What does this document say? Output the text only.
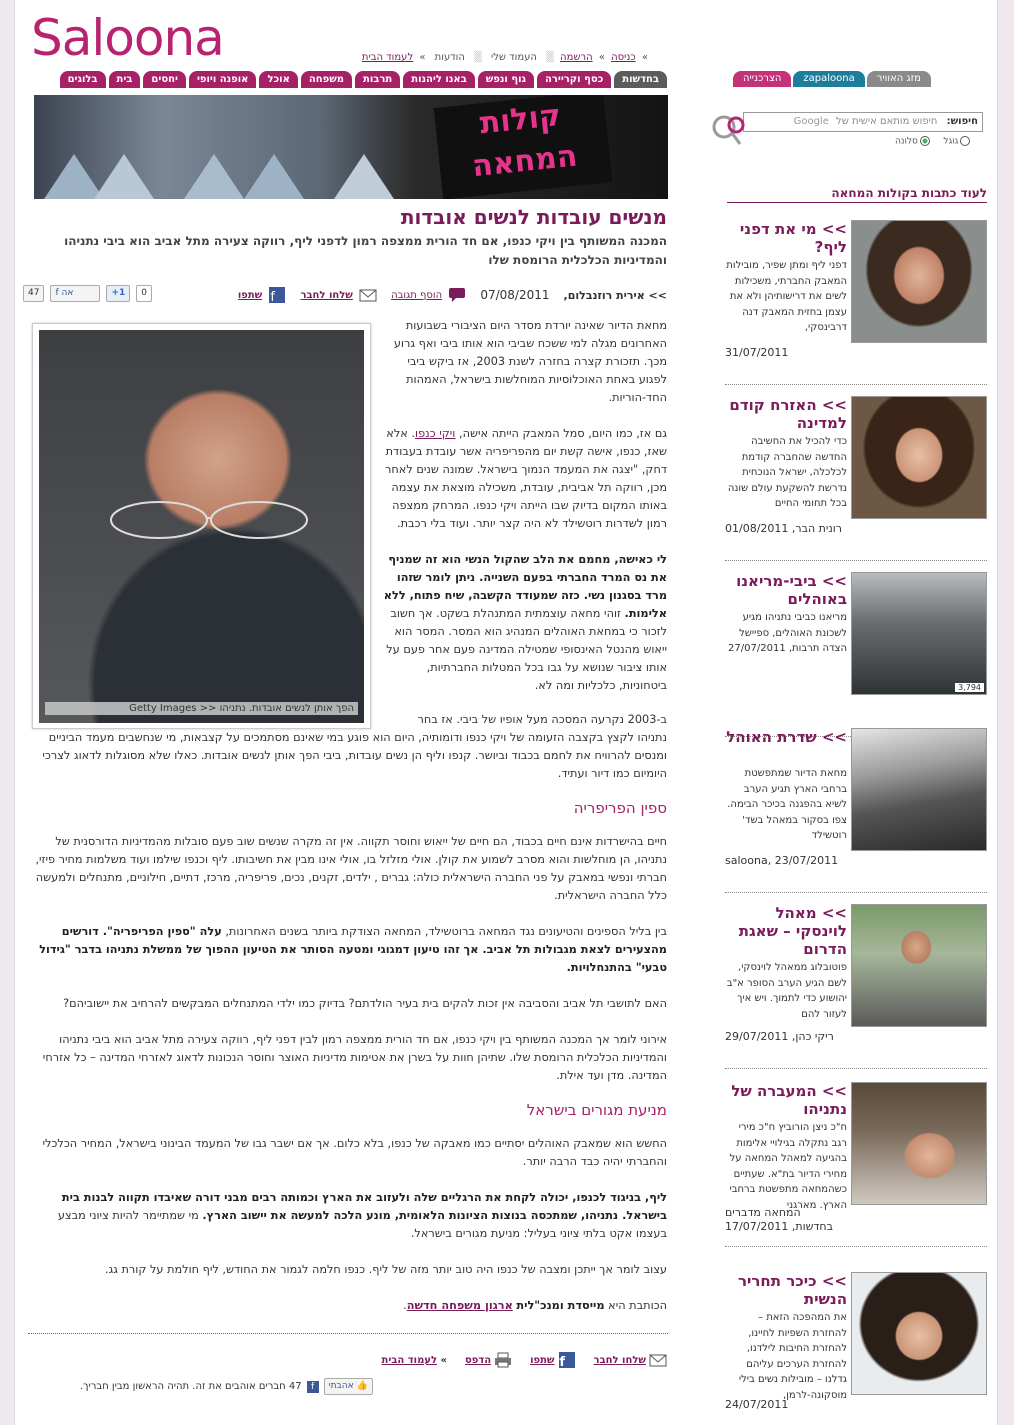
Saloona	» כניסה » הרשמה ▒ העמוד שלי ▒ הודעות » לעמוד הבית
בחדשות
כסף וקריירה
גוף ונפש
באנו ליהנות
תרבות
משפחה
אוכל
אופנה ויופי
יחסים
בית
בלוגים	מזג האוויר
zapaloona
הצרכנייה
קולות המחאה
חיפוש: חיפוש מותאם אישית של Google
גוגל    סלונה
מנשים עובדות לנשים אובדות
המכנה המשותף בין ויקי כנפו, אם חד הורית ממצפה רמון לדפני ליף, רווקה צעירה מתל אביב הוא ביבי נתניהו והמדיניות הכלכלית הרומסת שלו
>> אירית רוזנבלום,
07/08/2011
הוסף תגובה
שלחו לחבר
f
שתפו
47	f אה	+1	0
הפך אותן לנשים אובדות. נתניהו << Getty Images

מחאת הדיור שאינה יורדת מסדר היום הציבורי בשבועות האחרונים מגלה למי ששכח שביבי הוא אותו ביבי ואף גרוע מכך. תזכורת קצרה בחזרה לשנת 2003, אז ביקש ביבי לפגוע באחת האוכלוסיות המוחלשות בישראל, האמהות החד-הוריות.

גם אז, כמו היום, סמל המאבק הייתה אישה, ויקי כנפו. אלא שאז, כנפו, אישה קשת יום מהפריפריה אשר עובדת בעבודת דחק, "יצגה את המעמד הנמוך בישראל. שמונה שנים לאחר מכן, רווקה תל אביבית, עובדת, משכילה מוצאת את עצמה באותו המקום בדיוק שבו הייתה ויקי כנפו. המרחק ממצפה רמון לשדרות רוטשילד לא היה קצר יותר. ועוד בלי רכבת.

לי כאישה, מחמם את הלב שהקול הנשי הוא זה שמניף את נס המרד החברתי בפעם השנייה. ניתן לומר שזהו מרד בסגנון נשי. כזה שמעודד הקשבה, שיח פתוח, ללא אלימות. זוהי מחאה עוצמתית המתנהלת בשקט. אך חשוב לזכור כי במחאת האוהלים המנהיג הוא המסר. המסר הוא ייאוש מהנטל האינסופי שמטילה המדינה פעם אחר פעם על אותו ציבור שנושא על גבו בכל המטלות החברתיות, ביטחוניות, כלכליות ומה לא.

ב-2003 נקרעה המסכה מעל אופיו של ביבי. אז בחר
נתניהו לקצץ בקצבה הזעומה של ויקי כנפו ודומותיה, היום הוא פוגע במי שאינם מסתמכים על קצבאות, מי שנחשבים מעמד הביניים ומנסים להרוויח את לחמם בכבוד וביושר. קנפו וליף הן נשים עובדות, ביבי הפך אותן לנשים אובדות. כאלו שלא מסוגלות לדאוג לצרכי היומיום כמו דיור ועתיד.

ספין הפריפריה

חיים בהישרדות אינם חיים בכבוד, הם חיים של ייאוש וחוסר תקווה. אין זה מקרה שנשים שוב פעם סובלות מהמדיניות הדורסנית של נתניהו, הן מוחלשות והוא מסרב לשמוע את קולן. אולי מזלזל בו, אולי אינו מבין את חשיבותו. ליף וכנפו שילמו ועוד משלמות מחיר פיזי, חברתי ונפשי במאבק על פני החברה הישראלית כולה: גברים , ילדים, זקנים, נכים, פריפריה, מרכז, דתיים, חילוניים, מתנחלים ולמעשה כלל החברה הישראלית.

בין בליל הספינים והטיעונים נגד המחאה ברוטשילד, המחאה הצודקת ביותר בשנים האחרונות, עלה "ספין הפריפריה". דורשים מהצעירים לצאת מגבולות תל אביב. אך זהו טיעון דמגוגי ומטעה הסותר את הטיעון ההפוך של ממשלת נתניהו בדבר "גידול טבעי" בהתנחלויות.

האם לתושבי תל אביב והסביבה אין זכות להקים בית בעיר הולדתם? בדיוק כמו ילדי המתנחלים המבקשים להרחיב את יישוביהם?

אירוני לומר אך המכנה המשותף בין ויקי כנפו, אם חד הורית ממצפה רמון לבין דפני ליף, רווקה צעירה מתל אביב הוא ביבי נתניהו והמדיניות הכלכלית הרומסת שלו. שתיהן חוות על בשרן את אטימות מדיניות האוצר וחוסר הנכונות לדאוג לאזרחי המדינה – כל אזרחי המדינה. מדן ועד אילת.

מניעת מגורים בישראל

החשש הוא שמאבק האוהלים יסתיים כמו מאבקה של כנפו, בלא כלום. אך אם ישבר גבו של המעמד הבינוני בישראל, המחיר הכלכלי והחברתי יהיה כבד הרבה יותר.

ליף, בניגוד לכנפו, יכולה לקחת את הרגליים שלה ולעזוב את הארץ וכמותה רבים מבני דורה שאיבדו תקווה לבנות בית בישראל. נתניהו, שמתכסה בנוצות הציונות הלאומית, מונע הלכה למעשה את יישוב הארץ. מי שמתיימר להיות ציוני מבצע בעצמו אקט בלתי ציוני בעליל: מניעת מגורים בישראל.

עצוב לומר אך ייתכן ומצבה של כנפו היה טוב יותר מזה של ליף. כנפו חלמה לגמור את החודש, ליף חולמת על קורת גג.

הכותבת היא מייסדת ומנכ"לית ארגון משפחה חדשה.

שלחו לחבר
f
שתפו
הדפס
» לעמוד הבית
👍 אהבתי
f
47 חברים אוהבים את זה. תהיה הראשון מבין חבריך.
לעוד כתבות בקולות המחאה
>> מי את דפני ליף?
דפני ליף ומתן שפיר, מובילות המאבק החברתי, משכילות לשים את דרישותיהן ולא את עצמן בחזית המאבק דנה דרבינסקי,
31/07/2011
>> האזרח קודם למדינה
כדי להכיל את החשיבה החדשה שהחברה קודמת לכלכלה, ישראל הנוכחית נדרשת להשקעת עולם שונה בכל תחומי החיים
רונית הבר, 01/08/2011
3,794
>> ביבי-מריאנו באוהלים
מריאנו כביבי נתניהו מגיע לשכונת האוהלים, ספיישל הצדה תרבות, 27/07/2011
>> שדרת האוהל
מחאת הדיור שמתפשטת ברחבי הארץ תגיע הערב לשיא בהפגנה בכיכר הבימה. צפו בסקור במאהל בשד' רוטשילד
saloona, 23/07/2011
>> מאהל לוינסקי – שאגת הדרום
פוטובלוג ממאהל לוינסקי, לשם הגיע הערב הסופר א"ב יהושוע כדי לתמוך. ויש איך לעזור להם
ריקי כהן, 29/07/2011
>> המעברה של נתניהו
ח"כ ניצן הורוביץ ח"כ מירי רגב נתקלה בגילויי אלימות בהגיעה למאהל המחאה על מחירי הדיור בת"א. שעתיים כשהמחאה מתפשטת ברחבי הארץ. מארגני
המחאה מדברים
בחדשות, 17/07/2011
>> כיכר תחריר הנשית
את המהפכה הזאת – להחזרת השפיות לחיינו, להחזרת החיבות לילדנו, להחזרת הערכים עליהם גדלנו – מובילות נשים בילי מוסקונה-לרמן,
24/07/2011
